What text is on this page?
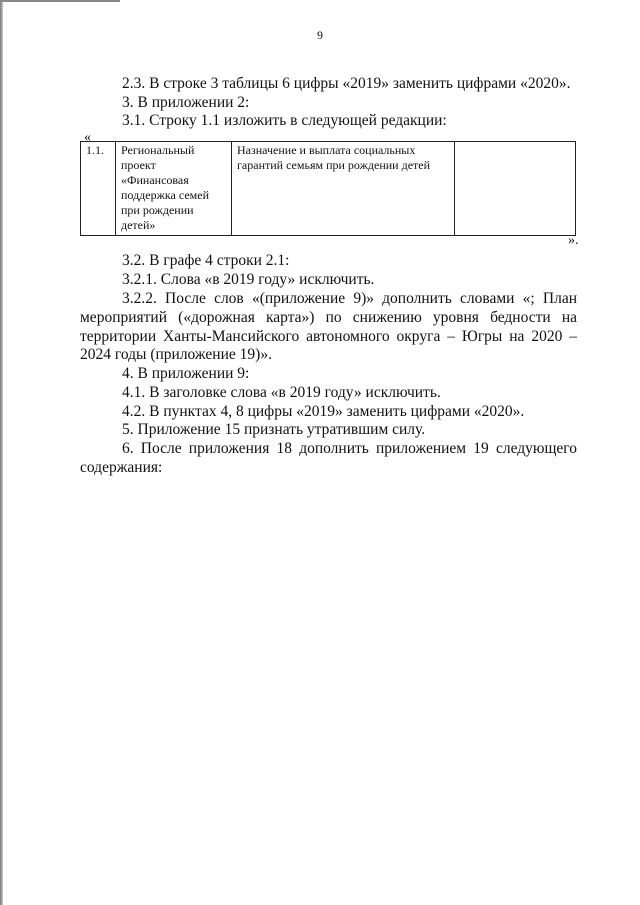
9
2.3. В строке 3 таблицы 6 цифры «2019» заменить цифрами «2020».
3. В приложении 2:
3.1. Строку 1.1 изложить в следующей редакции:
«
1.1.	Региональный проект «Финансовая поддержка семей при рождении детей»	Назначение и выплата социальных гарантий семьям при рождении детей	
».
3.2. В графе 4 строки 2.1:
3.2.1. Слова «в 2019 году» исключить.
3.2.2. После слов «(приложение 9)» дополнить словами «; План
мероприятий («дорожная карта») по снижению уровня бедности на
территории Ханты-Мансийского автономного округа – Югры на 2020 –
2024 годы (приложение 19)».
4. В приложении 9:
4.1. В заголовке слова «в 2019 году» исключить.
4.2. В пунктах 4, 8 цифры «2019» заменить цифрами «2020».
5. Приложение 15 признать утратившим силу.
6. После приложения 18 дополнить приложением 19 следующего
содержания:
